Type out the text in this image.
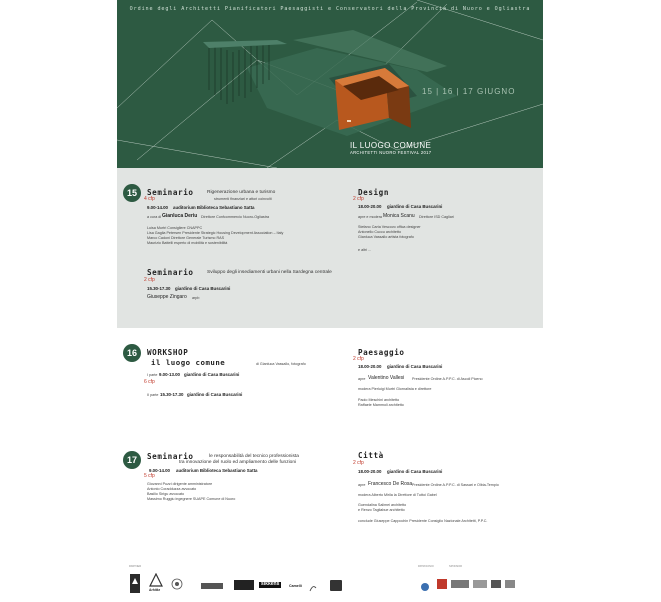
Ordine degli Architetti Pianificatori Paesaggisti e Conservatori della Provincia di Nuoro e Ogliastra
15 | 16 | 17 GIUGNO
IL LUOGO COMUNE
ARCHITETTI NUORO FESTIVAL 2017
15	Seminario	Rigenerazione urbana e turismo
strumenti finanziari e attori coinvolti
4 cfp
9.00-14.00 auditorium Biblioteca Sebastiano Satta
a cura di Gianluca Deriu Direttore Confcommercio Nuoro-Ogliastra
Luisa Murtri Consigliere CNAPPC
Lisa Gaglia Petersen Presidente Strategic Housing Development Association – Italy
Marco Cadoni Direttore Generale Turismo RAS
Maurizio Battelli esperto di mobilità e sostenibilità
Seminario	Sviluppo degli insediamenti urbani nella Sardegna centrale
2 cfp
15.30-17.30 giardino di Casa Buscarini
Giuseppe Zingaro arpb
Design
2 cfp
18.00-20.00 giardino di Casa Buscarini
apre e modera Monica Scanu Direttore ISD Cagliari
Stefano Carta Vescovo offica designer
Antonello Cuccu architetto
Gianluca Vassallo artista fotografo
e altri ...
16	WORKSHOP
il luogo comune	di Gianluca Vassallo, fotografo
I parte 9.00-13.00 giardino di Casa Buscarini
6 cfp
II parte 15.30-17.30 giardino di Casa Buscarini
Paesaggio
2 cfp
18.00-20.00 giardino di Casa Buscarini
apre Valentino Vallesi Presidente Ordine A.P.P.C. di Ascoli Piceno
modera Pierluigi Murtri Giornalista e direttore
Paolo Meschini architetto
Raffaele Mammoli architetto
17	Seminario	le responsabilità del tecnico professionista
tra innovazione del ruolo ed ampliamento delle funzioni
9.00-14.00 auditorium Biblioteca Sebastiano Satta
5 cfp
Giovanni Puzzi dirigente amministratore
Antonio Coradduzza avvocato
Basilio Sirigu avvocato
Massimo Ruggiu ingegnere SUAPE Comune di Nuoro
Città
2 cfp
18.00-20.00 giardino di Casa Buscarini
apre Francesco De Rosa Presidente Ordine A.P.P.C. di Sassari e Olbia-Tempio
modera Alberto Mirila la Direttore di Tuttoi Gabel
Guendalina Salimei architetto
e Renzo Tagliabue architetto
conclude Giuseppe Cappochin Presidente Consiglio Nazionale Architetti, P.P.C.
PARTNER	PATROCINIO	SPONSOR
Arhitkr
sikkens	Camelli
